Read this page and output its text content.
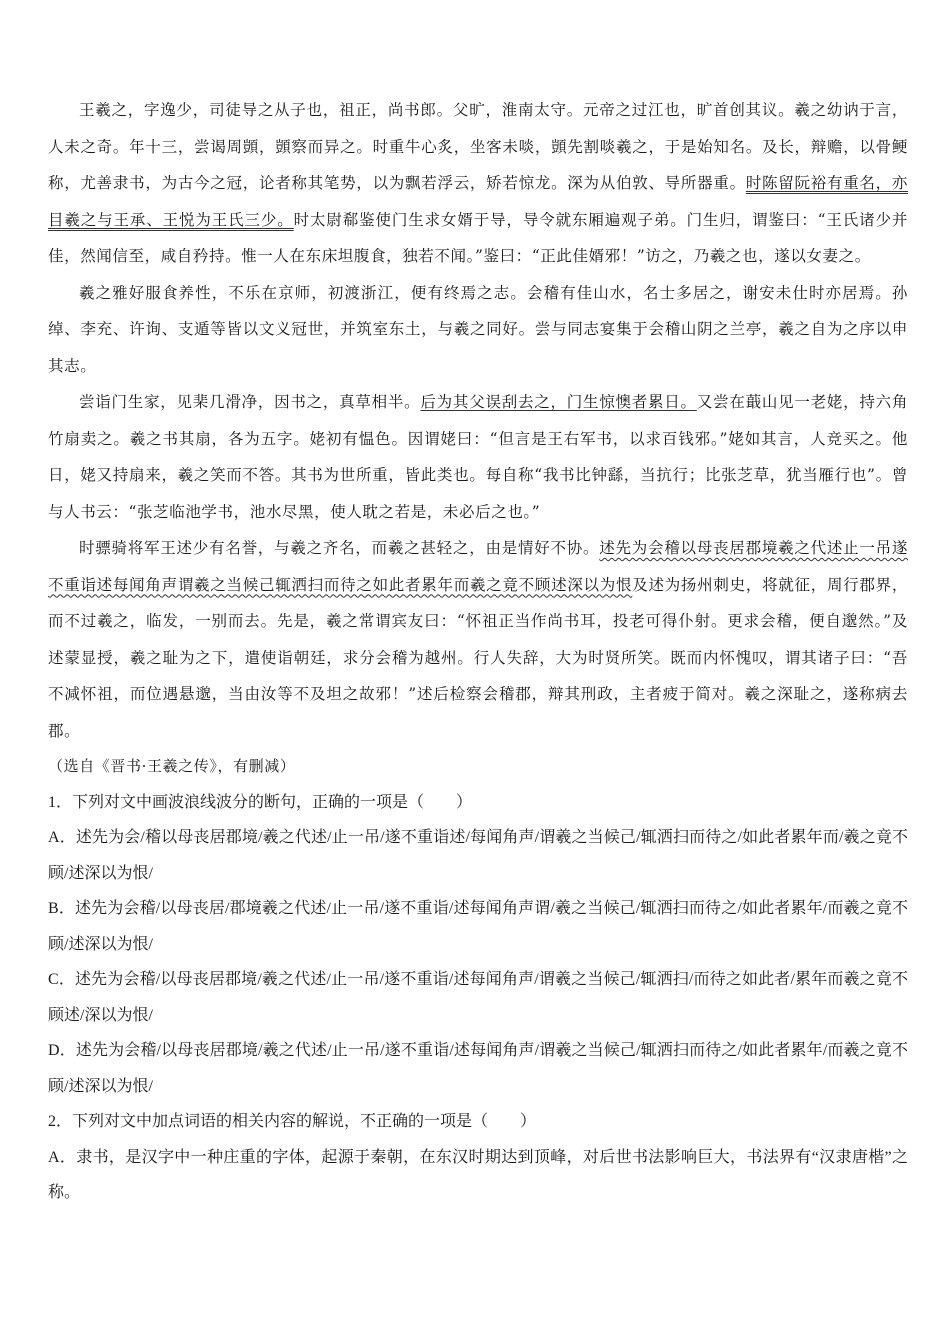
王羲之，字逸少，司徒导之从子也，祖正，尚书郎。父旷，淮南太守。元帝之过江也，旷首创其议。羲之幼讷于言，人未之奇。年十三，尝谒周顗，顗察而异之。时重牛心炙，坐客未啖，顗先割啖羲之，于是始知名。及长，辩赡，以骨鲠称，尤善隶书，为古今之冠，论者称其笔势，以为飘若浮云，矫若惊龙。深为从伯敦、导所器重。时陈留阮裕有重名，亦目羲之与王承、王悦为王氏三少。时太尉郗鉴使门生求女婿于导，导令就东厢遍观子弟。门生归，谓鉴曰：“王氏诸少并佳，然闻信至，咸自矜持。惟一人在东床坦腹食，独若不闻。”鉴曰：“正此佳婿邪！”访之，乃羲之也，遂以女妻之。

羲之雅好服食养性，不乐在京师，初渡浙江，便有终焉之志。会稽有佳山水，名士多居之，谢安未仕时亦居焉。孙绰、李充、许询、支遁等皆以文义冠世，并筑室东土，与羲之同好。尝与同志宴集于会稽山阴之兰亭，羲之自为之序以申其志。

尝诣门生家，见棐几滑净，因书之，真草相半。后为其父误刮去之，门生惊懊者累日。又尝在蕺山见一老姥，持六角竹扇卖之。羲之书其扇，各为五字。姥初有愠色。因谓姥曰：“但言是王右军书，以求百钱邪。”姥如其言，人竞买之。他日，姥又持扇来，羲之笑而不答。其书为世所重，皆此类也。每自称“我书比钟繇，当抗行；比张芝草，犹当雁行也”。曾与人书云：“张芝临池学书，池水尽黑，使人耽之若是，未必后之也。”

时骠骑将军王述少有名誉，与羲之齐名，而羲之甚轻之，由是情好不协。述先为会稽以母丧居郡境羲之代述止一吊遂不重诣述每闻角声谓羲之当候己辄洒扫而待之如此者累年而羲之竟不顾述深以为恨及述为扬州刺史，将就征，周行郡界，而不过羲之，临发，一别而去。先是，羲之常谓宾友曰：“怀祖正当作尚书耳，投老可得仆射。更求会稽，便自邈然。”及述蒙显授，羲之耻为之下，遣使诣朝廷，求分会稽为越州。行人失辞，大为时贤所笑。既而内怀愧叹，谓其诸子曰：“吾不减怀祖，而位遇悬邈，当由汝等不及坦之故邪！”述后检察会稽郡，辩其刑政，主者疲于简对。羲之深耻之，遂称病去郡。

（选自《晋书·王羲之传》，有删减）

1．下列对文中画波浪线波分的断句，正确的一项是（　　）

A．述先为会/稽以母丧居郡境/羲之代述/止一吊/遂不重诣述/每闻角声/谓羲之当候己/辄洒扫而待之/如此者累年而/羲之竟不顾/述深以为恨/

B．述先为会稽/以母丧居/郡境羲之代述/止一吊/遂不重诣/述每闻角声谓/羲之当候己/辄洒扫而待之/如此者累年/而羲之竟不顾/述深以为恨/

C．述先为会稽/以母丧居郡境/羲之代述/止一吊/遂不重诣/述每闻角声/谓羲之当候己/辄洒扫/而待之如此者/累年而羲之竟不顾述/深以为恨/

D．述先为会稽/以母丧居郡境/羲之代述/止一吊/遂不重诣/述每闻角声/谓羲之当候己/辄洒扫而待之/如此者累年/而羲之竟不顾/述深以为恨/

2．下列对文中加点词语的相关内容的解说，不正确的一项是（　　）

A．隶书，是汉字中一种庄重的字体，起源于秦朝，在东汉时期达到顶峰，对后世书法影响巨大，书法界有“汉隶唐楷”之称。
